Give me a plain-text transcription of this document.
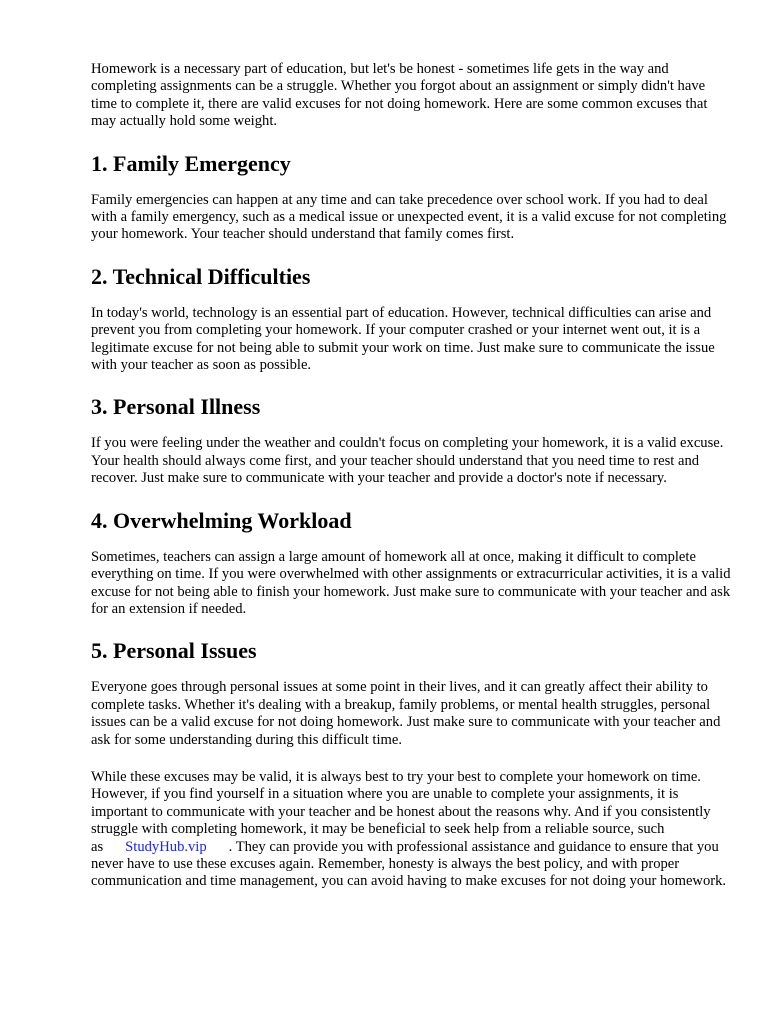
Homework is a necessary part of education, but let's be honest - sometimes life gets in the way and completing assignments can be a struggle. Whether you forgot about an assignment or simply didn't have time to complete it, there are valid excuses for not doing homework. Here are some common excuses that may actually hold some weight.

1. Family Emergency

Family emergencies can happen at any time and can take precedence over school work. If you had to deal with a family emergency, such as a medical issue or unexpected event, it is a valid excuse for not completing your homework. Your teacher should understand that family comes first.

2. Technical Difficulties

In today's world, technology is an essential part of education. However, technical difficulties can arise and prevent you from completing your homework. If your computer crashed or your internet went out, it is a legitimate excuse for not being able to submit your work on time. Just make sure to communicate the issue with your teacher as soon as possible.

3. Personal Illness

If you were feeling under the weather and couldn't focus on completing your homework, it is a valid excuse. Your health should always come first, and your teacher should understand that you need time to rest and recover. Just make sure to communicate with your teacher and provide a doctor's note if necessary.

4. Overwhelming Workload

Sometimes, teachers can assign a large amount of homework all at once, making it difficult to complete everything on time. If you were overwhelmed with other assignments or extracurricular activities, it is a valid excuse for not being able to finish your homework. Just make sure to communicate with your teacher and ask for an extension if needed.

5. Personal Issues

Everyone goes through personal issues at some point in their lives, and it can greatly affect their ability to complete tasks. Whether it's dealing with a breakup, family problems, or mental health struggles, personal issues can be a valid excuse for not doing homework. Just make sure to communicate with your teacher and ask for some understanding during this difficult time.

While these excuses may be valid, it is always best to try your best to complete your homework on time. However, if you find yourself in a situation where you are unable to complete your assignments, it is important to communicate with your teacher and be honest about the reasons why. And if you consistently struggle with completing homework, it may be beneficial to seek help from a reliable source, such as StudyHub.vip . They can provide you with professional assistance and guidance to ensure that you never have to use these excuses again. Remember, honesty is always the best policy, and with proper communication and time management, you can avoid having to make excuses for not doing your homework.
